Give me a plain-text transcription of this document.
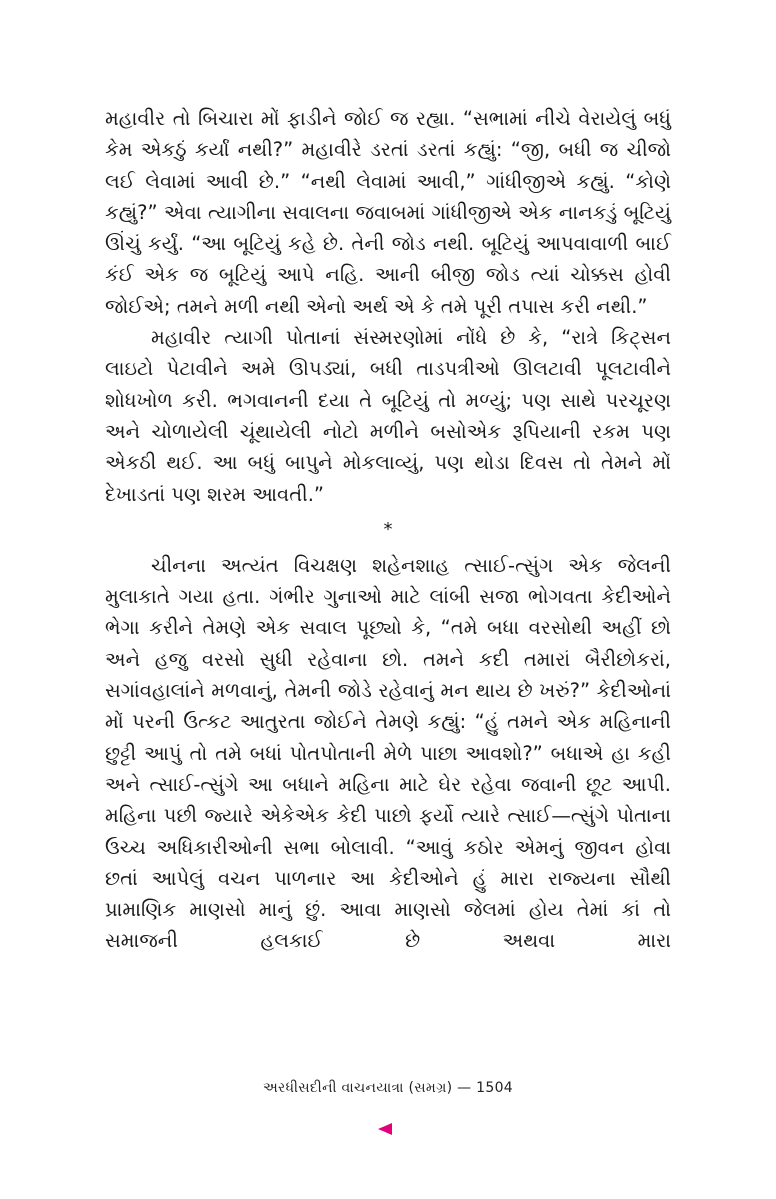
મહાવીર તો બિચારા મોં ફાડીને જોઈ જ રહ્યા. “સભામાં નીચે વેરાયેલું બધું કેમ એકઠું કર્યાં નથી?” મહાવીરે ડરતાં ડરતાં કહ્યું: “જી, બધી જ ચીજો લઈ લેવામાં આવી છે.” “નથી લેવામાં આવી,” ગાંધીજીએ કહ્યું. “કોણે કહ્યું?” એવા ત્યાગીના સવાલના જવાબમાં ગાંધીજીએ એક નાનકડું બૂટિયું ઊંચું કર્યું. “આ બૂટિયું કહે છે. તેની જોડ નથી. બૂટિયું આપવાવાળી બાઈ કંઈ એક જ બૂટિયું આપે નહિ. આની બીજી જોડ ત્યાં ચોક્કસ હોવી જોઈએ; તમને મળી નથી એનો અર્થ એ કે તમે પૂરી તપાસ કરી નથી.”

મહાવીર ત્યાગી પોતાનાં સંસ્મરણોમાં નોંધે છે કે, “રાત્રે કિટ્સન લાઇટો પેટાવીને અમે ઊપડ્યાં, બધી તાડપત્રીઓ ઊલટાવી પૂલટાવીને શોધખોળ કરી. ભગવાનની દયા તે બૂટિયું તો મળ્યું; પણ સાથે પરચૂરણ અને ચોળાયેલી ચૂંથાયેલી નોટો મળીને બસોએક રૂપિયાની રકમ પણ એકઠી થઈ. આ બધું બાપુને મોકલાવ્યું, પણ થોડા દિવસ તો તેમને મોં દેખાડતાં પણ શરમ આવતી.”

*

ચીનના અત્યંત વિચક્ષણ શહેનશાહ ત્સાઈ-ત્સુંગ એક જેલની મુલાકાતે ગયા હતા. ગંભીર ગુનાઓ માટે લાંબી સજા ભોગવતા કેદીઓને ભેગા કરીને તેમણે એક સવાલ પૂછ્યો કે, “તમે બધા વરસોથી અહીં છો અને હજુ વરસો સુધી રહેવાના છો. તમને કદી તમારાં બૈરીછોકરાં, સગાંવહાલાંને મળવાનું, તેમની જોડે રહેવાનું મન થાય છે ખરું?” કેદીઓનાં મોં પરની ઉત્કટ આતુરતા જોઈને તેમણે કહ્યું: “હું તમને એક મહિનાની છુટ્ટી આપું તો તમે બધાં પોતપોતાની મેળે પાછા આવશો?” બધાએ હા કહી અને ત્સાઈ-ત્સુંગે આ બધાને મહિના માટે ઘેર રહેવા જવાની છૂટ આપી. મહિના પછી જ્યારે એકેએક કેદી પાછો ફર્યો ત્યારે ત્સાઈ—ત્સુંગે પોતાના ઉચ્ચ અધિકારીઓની સભા બોલાવી. “આવું કઠોર એમનું જીવન હોવા છતાં આપેલું વચન પાળનાર આ કેદીઓને હું મારા રાજ્યના સૌથી પ્રામાણિક માણસો માનું છું. આવા માણસો જેલમાં હોય તેમાં કાં તો સમાજની હલકાઈ છે અથવા મારા

અરધીસદીની વાચનયાત્રા (સમગ્ર) — 1504
